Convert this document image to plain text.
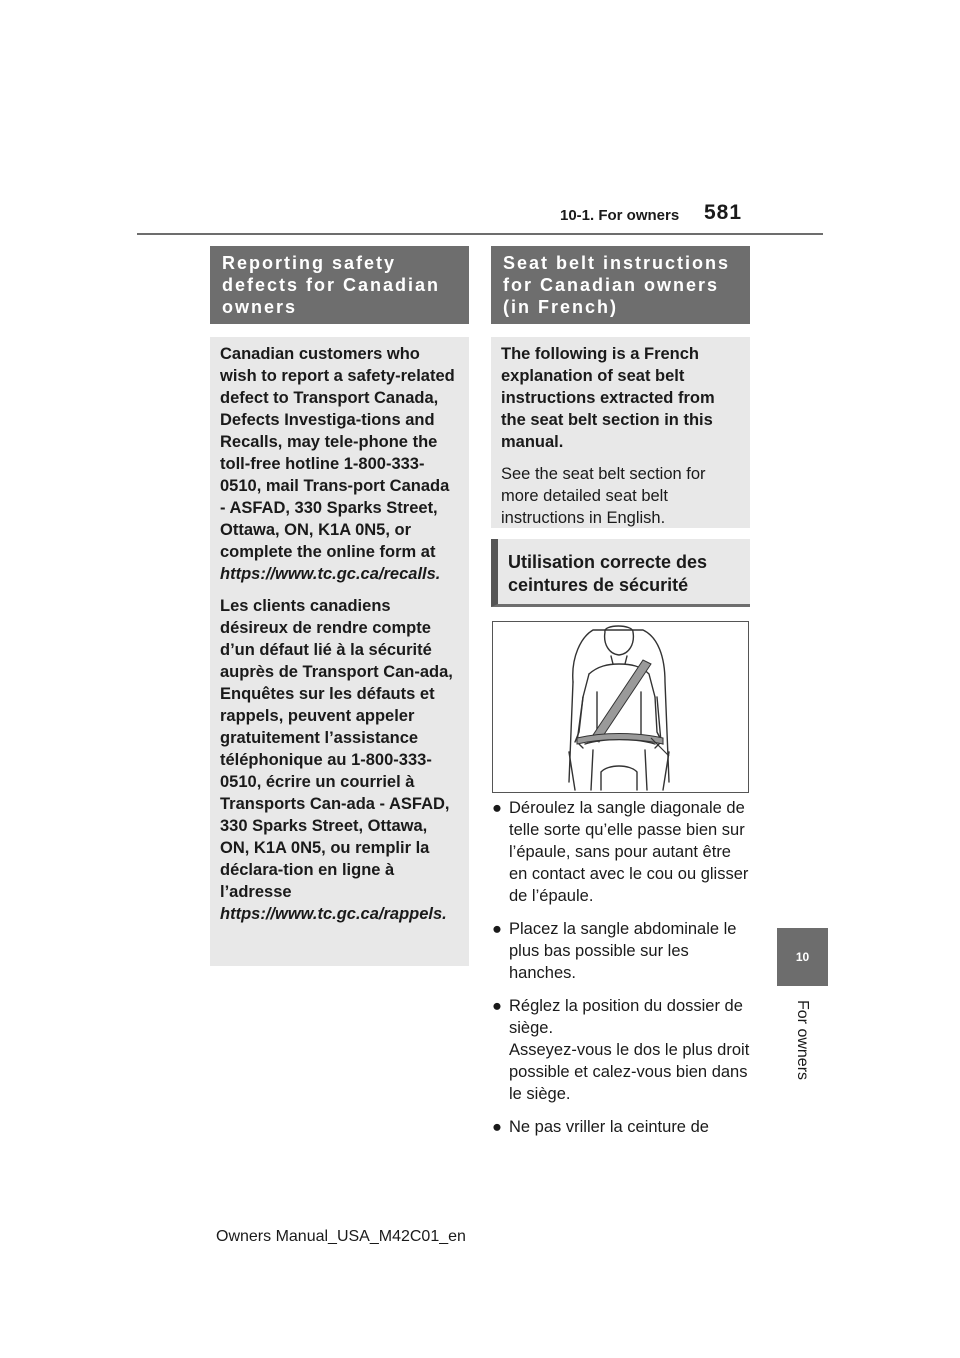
10-1. For owners 581
10
For owners
Reporting safety defects for Canadian owners

Canadian customers who wish to report a safety-related defect to Transport Canada, Defects Investiga-tions and Recalls, may tele-phone the toll-free hotline 1-800-333-0510, mail Trans-port Canada - ASFAD, 330 Sparks Street, Ottawa, ON, K1A 0N5, or complete the online form at https://www.tc.gc.ca/recalls.

Les clients canadiens désireux de rendre compte d’un défaut lié à la sécurité auprès de Transport Can-ada, Enquêtes sur les défauts et rappels, peuvent appeler gratuitement l’assistance téléphonique au 1-800-333-0510, écrire un courriel à Transports Can-ada - ASFAD, 330 Sparks Street, Ottawa, ON, K1A 0N5, ou remplir la déclara-tion en ligne à l’adresse https://www.tc.gc.ca/rappels.

Seat belt instructions for Canadian owners (in French)

The following is a French explanation of seat belt instructions extracted from the seat belt section in this manual.

See the seat belt section for more detailed seat belt instructions in English.

Utilisation correcte des ceintures de sécurité
● Déroulez la sangle diagonale de telle sorte qu’elle passe bien sur l’épaule, sans pour autant être en contact avec le cou ou glisser de l’épaule.
● Placez la sangle abdominale le plus bas possible sur les hanches.
● Réglez la position du dossier de siège.
Asseyez-vous le dos le plus droit possible et calez-vous bien dans le siège.
● Ne pas vriller la ceinture de
Owners Manual_USA_M42C01_en
